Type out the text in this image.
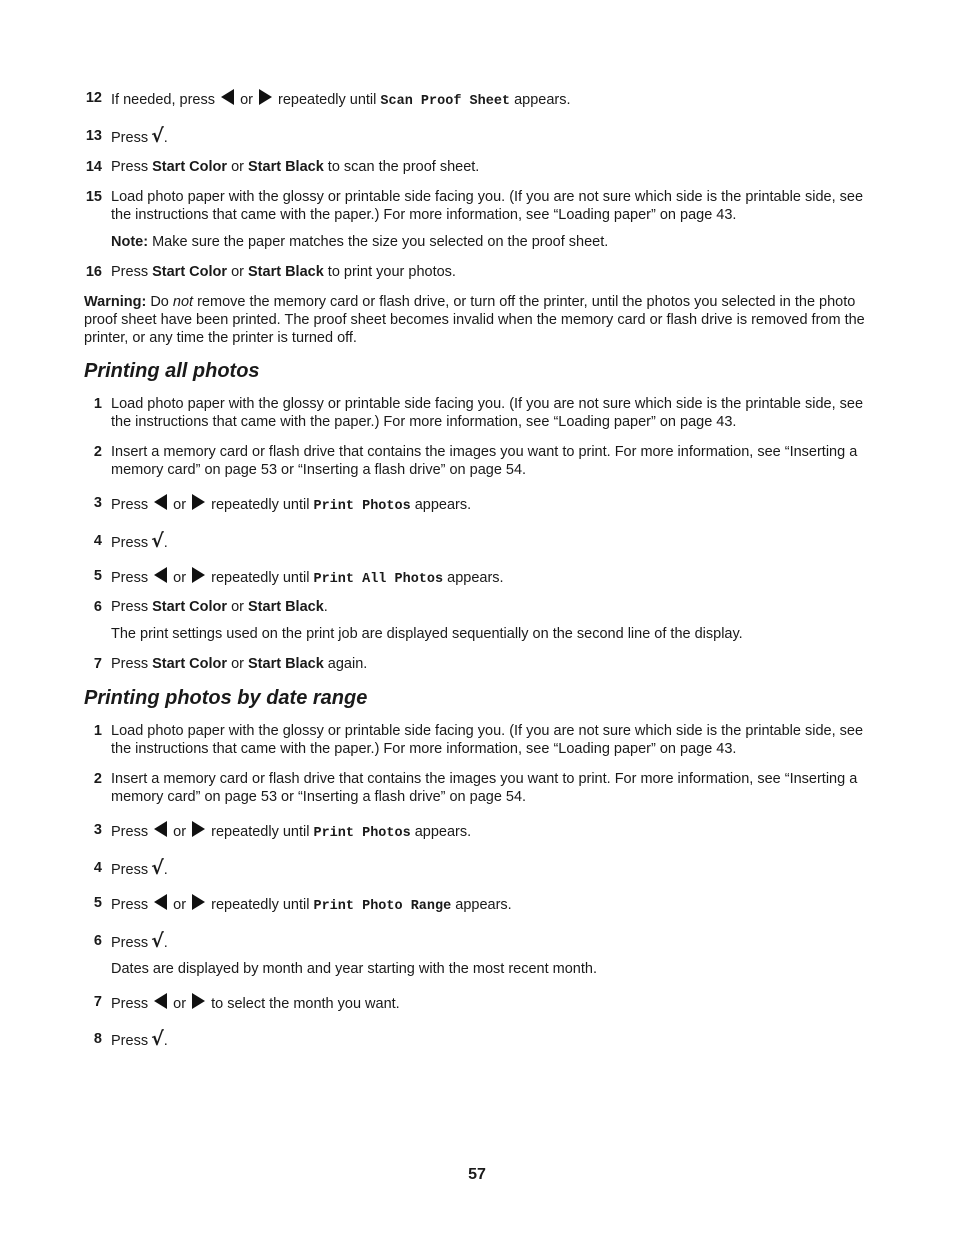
12 If needed, press or repeatedly until Scan Proof Sheet appears.
13 Press √.
14 Press Start Color or Start Black to scan the proof sheet.
15 Load photo paper with the glossy or printable side facing you. (If you are not sure which side is the printable side, see the instructions that came with the paper.) For more information, see “Loading paper” on page 43.
Note: Make sure the paper matches the size you selected on the proof sheet.
16 Press Start Color or Start Black to print your photos.
Warning: Do not remove the memory card or flash drive, or turn off the printer, until the photos you selected in the photo proof sheet have been printed. The proof sheet becomes invalid when the memory card or flash drive is removed from the printer, or any time the printer is turned off.
Printing all photos
1 Load photo paper with the glossy or printable side facing you. (If you are not sure which side is the printable side, see the instructions that came with the paper.) For more information, see “Loading paper” on page 43.
2 Insert a memory card or flash drive that contains the images you want to print. For more information, see “Inserting a memory card” on page 53 or “Inserting a flash drive” on page 54.
3 Press or repeatedly until Print Photos appears.
4 Press √.
5 Press or repeatedly until Print All Photos appears.
6 Press Start Color or Start Black.
The print settings used on the print job are displayed sequentially on the second line of the display.
7 Press Start Color or Start Black again.
Printing photos by date range
1 Load photo paper with the glossy or printable side facing you. (If you are not sure which side is the printable side, see the instructions that came with the paper.) For more information, see “Loading paper” on page 43.
2 Insert a memory card or flash drive that contains the images you want to print. For more information, see “Inserting a memory card” on page 53 or “Inserting a flash drive” on page 54.
3 Press or repeatedly until Print Photos appears.
4 Press √.
5 Press or repeatedly until Print Photo Range appears.
6 Press √.
Dates are displayed by month and year starting with the most recent month.
7 Press or  to select the month you want.
8 Press √.
57
